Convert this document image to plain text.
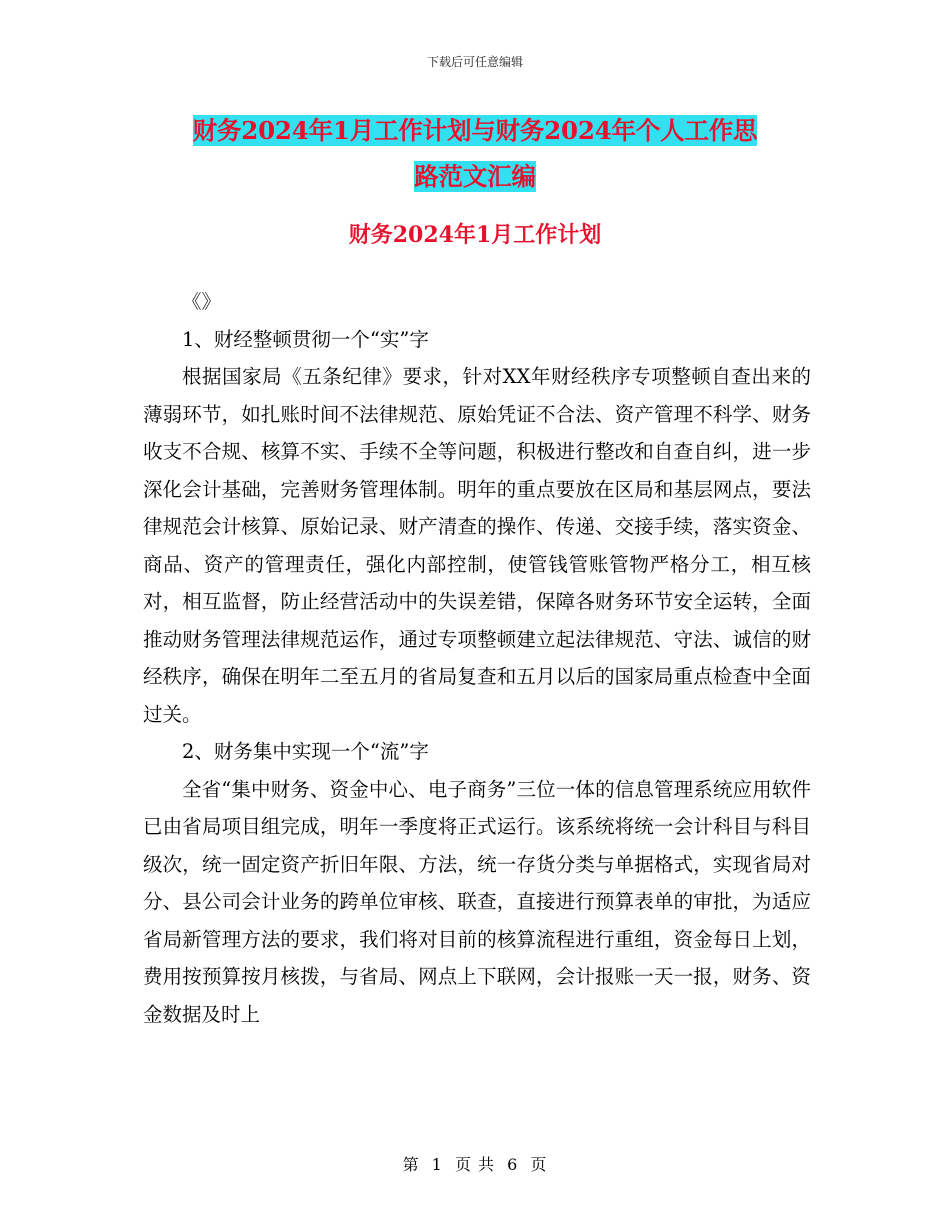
下载后可任意编辑
财务2024年1月工作计划与财务2024年个人工作思
路范文汇编
财务2024年1月工作计划

《》

1、财经整顿贯彻一个“实”字

根据国家局《五条纪律》要求，针对XX年财经秩序专项整顿自查出来的薄弱环节，如扎账时间不法律规范、原始凭证不合法、资产管理不科学、财务收支不合规、核算不实、手续不全等问题，积极进行整改和自查自纠，进一步深化会计基础，完善财务管理体制。明年的重点要放在区局和基层网点，要法律规范会计核算、原始记录、财产清查的操作、传递、交接手续，落实资金、商品、资产的管理责任，强化内部控制，使管钱管账管物严格分工，相互核对，相互监督，防止经营活动中的失误差错，保障各财务环节安全运转，全面推动财务管理法律规范运作，通过专项整顿建立起法律规范、守法、诚信的财经秩序，确保在明年二至五月的省局复查和五月以后的国家局重点检查中全面过关。

2、财务集中实现一个“流”字

全省“集中财务、资金中心、电子商务”三位一体的信息管理系统应用软件已由省局项目组完成，明年一季度将正式运行。该系统将统一会计科目与科目级次，统一固定资产折旧年限、方法，统一存货分类与单据格式，实现省局对分、县公司会计业务的跨单位审核、联查，直接进行预算表单的审批，为适应省局新管理方法的要求，我们将对目前的核算流程进行重组，资金每日上划，费用按预算按月核拨，与省局、网点上下联网，会计报账一天一报，财务、资金数据及时上

第 1 页 共 6 页
